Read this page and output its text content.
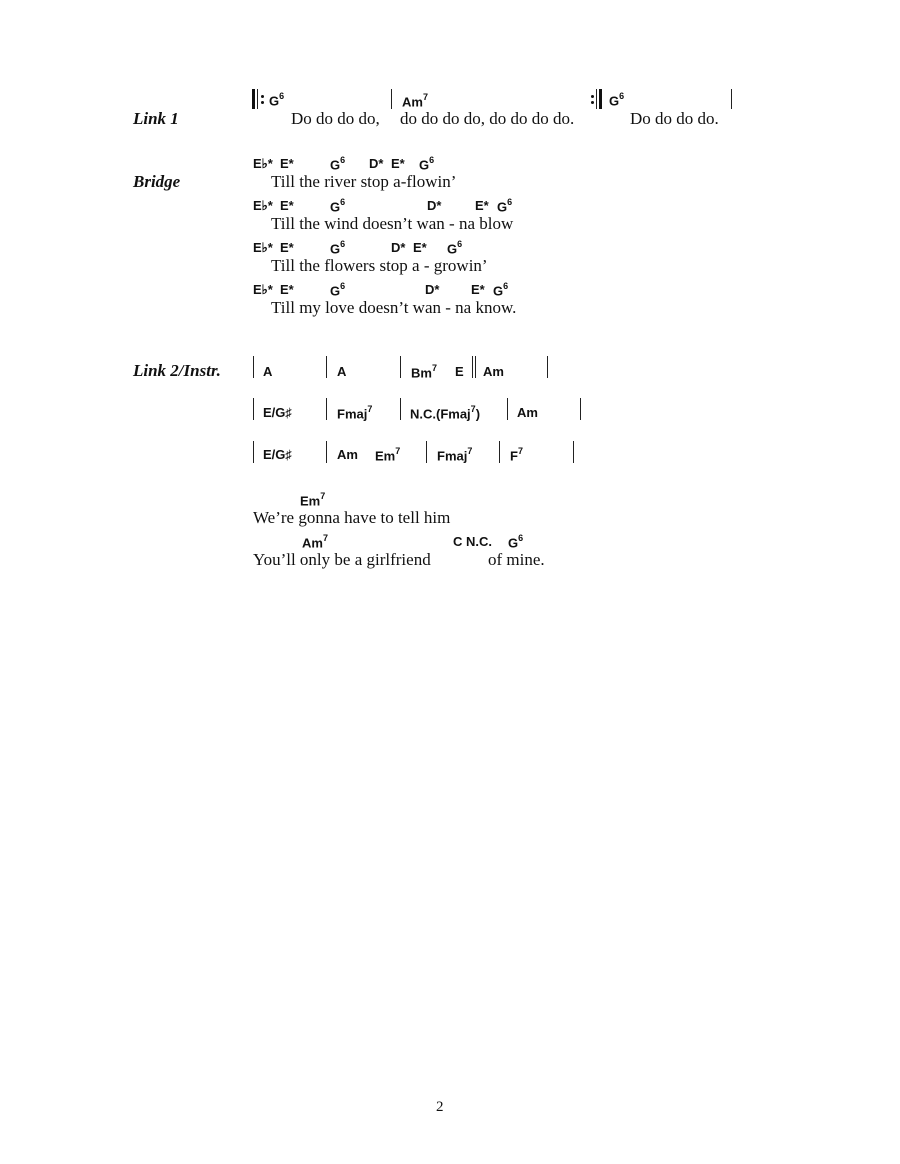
Link 1
$G^6$	Am$^7$	$G^6$
Do do do do, do do do do, do do do do.	Do do do do.
Bridge
E♭* E*	$G^6$ D* E* $G^6$
Till the river stop a-flowin’
E♭* E*	$G^6$	D*	E* $G^6$
Till the wind doesn’t wan - na blow
E♭* E*	$G^6$	D* E* $G^6$
Till the flowers stop a - growin’
E♭* E*	$G^6$	D* E* $G^6$
Till my love doesn’t wan - na know.
Link 2/Instr.	A	A	Bm$^7$ E Am
E/G♯	Fmaj$^7$	N.C.(Fmaj$^7$)	Am
E/G♯	Am Em$^7$	Fmaj$^7$	$F^7$
Em$^7$
We’re gonna have to tell him
Am$^7$	C N.C. $G^6$
You’ll only be a girlfriend	of mine.
2
